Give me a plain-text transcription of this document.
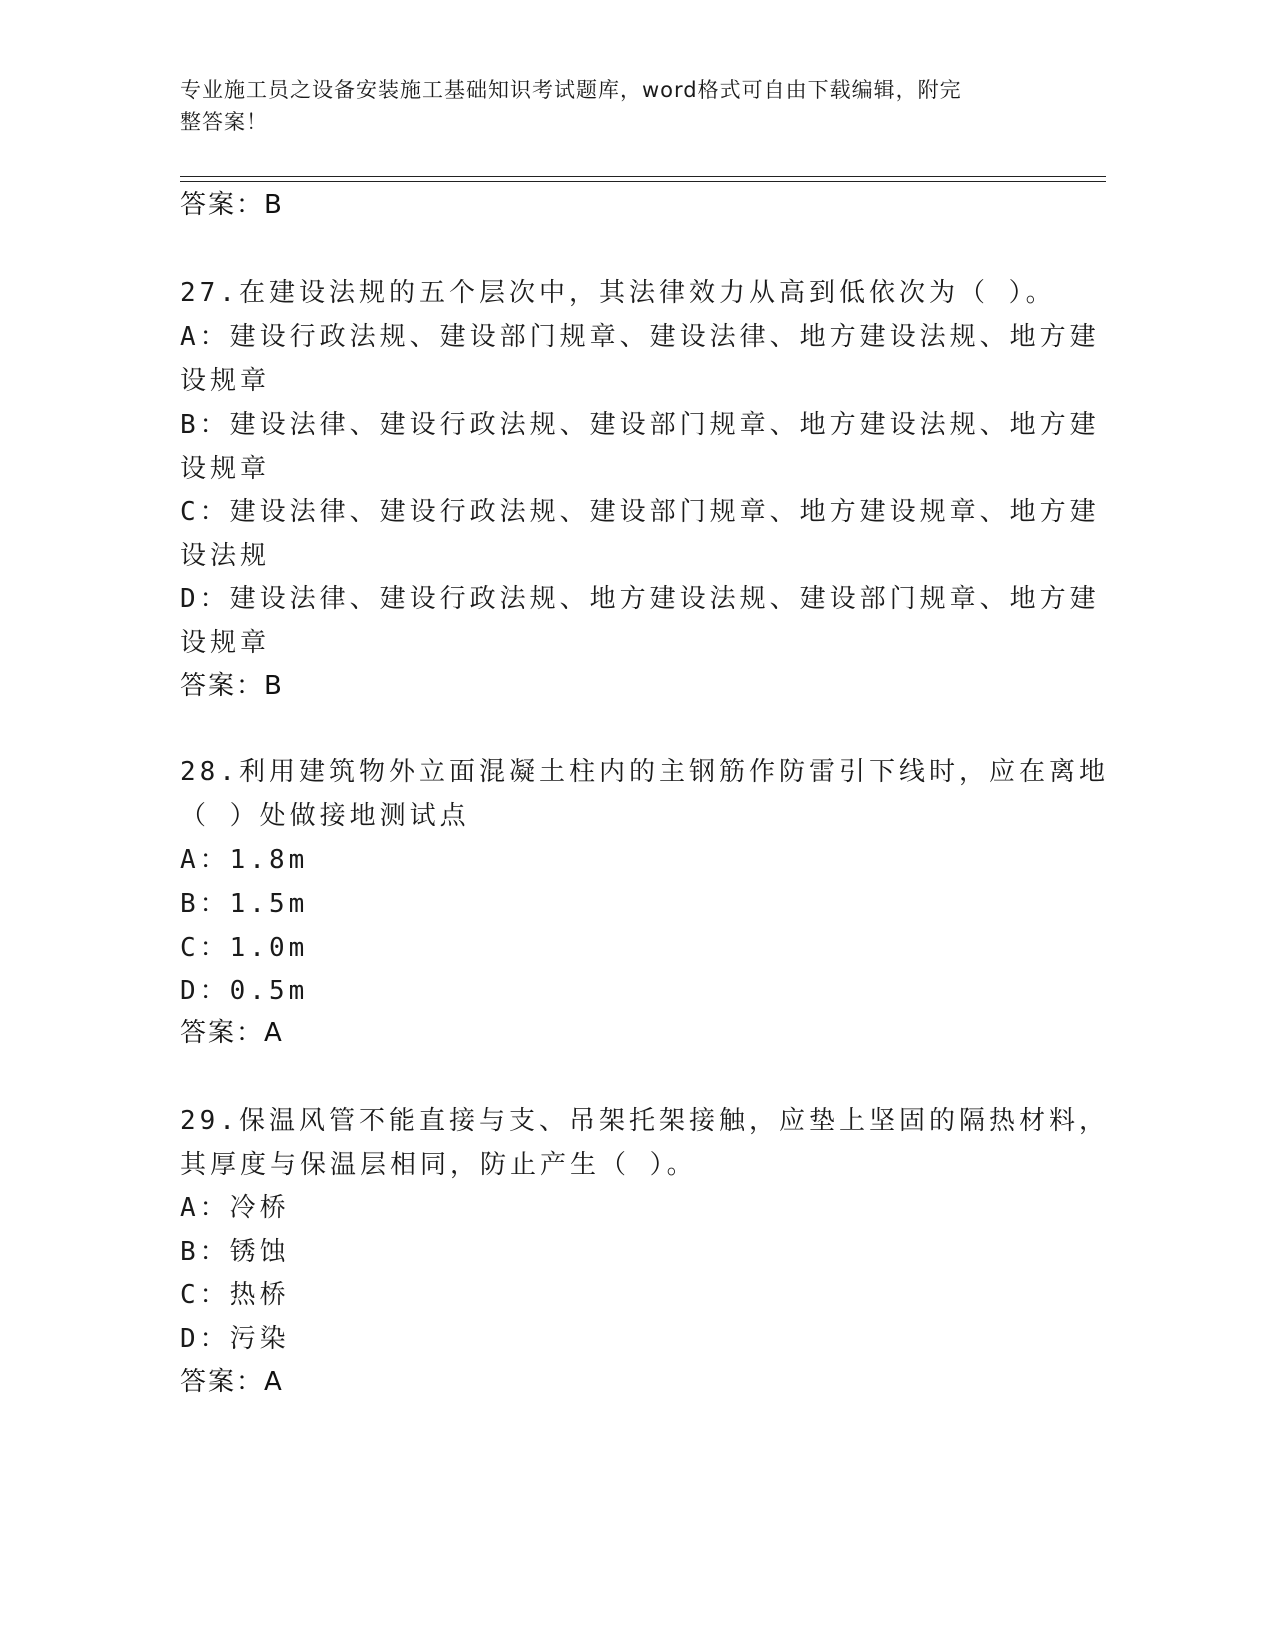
专业施工员之设备安装施工基础知识考试题库，word格式可自由下载编辑，附完
整答案！
答案：B
27.在建设法规的五个层次中，其法律效力从高到低依次为（ ）。
A：建设行政法规、建设部门规章、建设法律、地方建设法规、地方建
设规章
B：建设法律、建设行政法规、建设部门规章、地方建设法规、地方建
设规章
C：建设法律、建设行政法规、建设部门规章、地方建设规章、地方建
设法规
D：建设法律、建设行政法规、地方建设法规、建设部门规章、地方建
设规章
答案：B
28.利用建筑物外立面混凝土柱内的主钢筋作防雷引下线时，应在离地
（ ）处做接地测试点
A：1.8m
B：1.5m
C：1.0m
D：0.5m
答案：A
29.保温风管不能直接与支、吊架托架接触，应垫上坚固的隔热材料，
其厚度与保温层相同，防止产生（ ）。
A：冷桥
B：锈蚀
C：热桥
D：污染
答案：A
